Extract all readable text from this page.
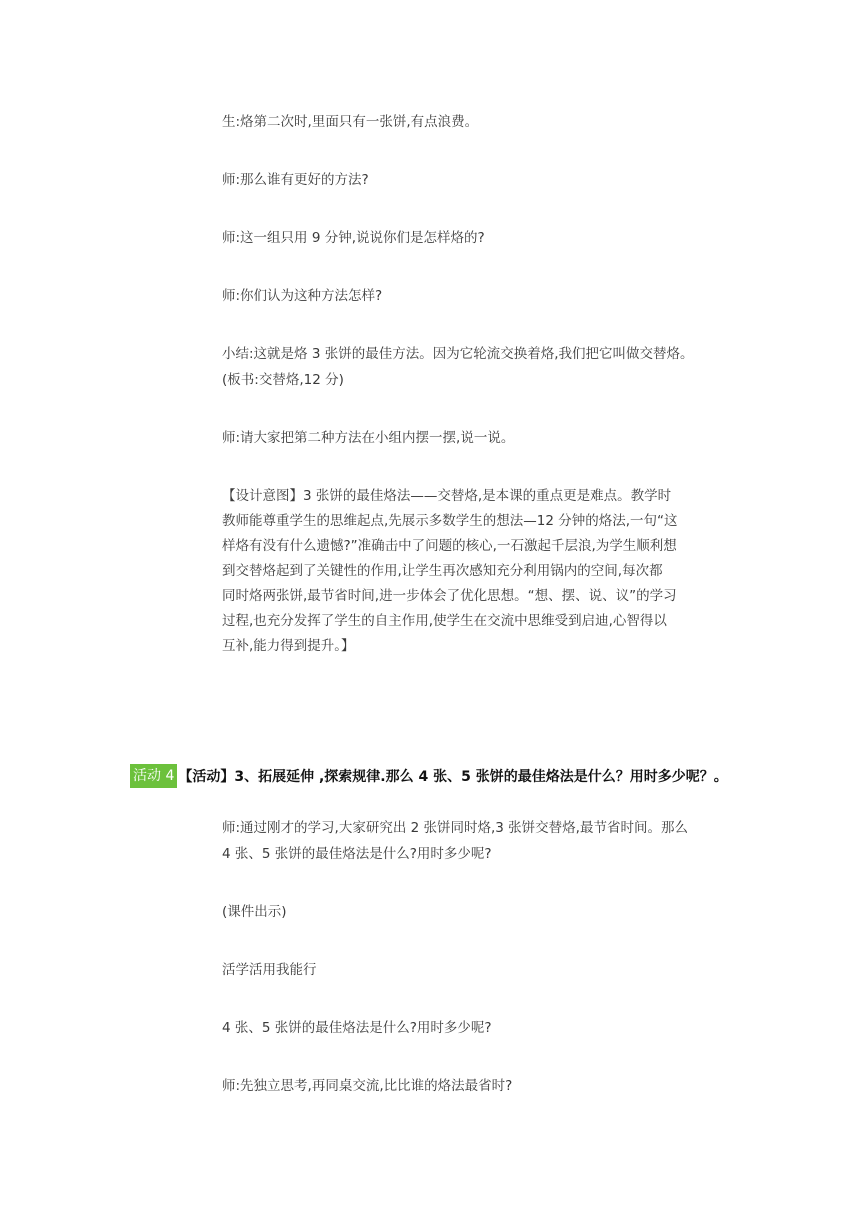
生:烙第二次时,里面只有一张饼,有点浪费。
师:那么谁有更好的方法?
师:这一组只用 9 分钟,说说你们是怎样烙的?
师:你们认为这种方法怎样?
小结:这就是烙 3 张饼的最佳方法。因为它轮流交换着烙,我们把它叫做交替烙。
(板书:交替烙,12 分)
师:请大家把第二种方法在小组内摆一摆,说一说。
【设计意图】3 张饼的最佳烙法——交替烙,是本课的重点更是难点。教学时
教师能尊重学生的思维起点,先展示多数学生的想法—12 分钟的烙法,一句“这
样烙有没有什么遗憾?”准确击中了问题的核心,一石激起千层浪,为学生顺利想
到交替烙起到了关键性的作用,让学生再次感知充分利用锅内的空间,每次都
同时烙两张饼,最节省时间,进一步体会了优化思想。“想、摆、说、议”的学习
过程,也充分发挥了学生的自主作用,使学生在交流中思维受到启迪,心智得以
互补,能力得到提升。】
活动 4 【活动】 3、拓展延伸 ,探索规律.那么 4 张、5 张饼的最佳烙法是什么？用时多少呢？。
师:通过刚才的学习,大家研究出 2 张饼同时烙,3 张饼交替烙,最节省时间。那么
4 张、5 张饼的最佳烙法是什么?用时多少呢?
(课件出示)
活学活用我能行
4 张、5 张饼的最佳烙法是什么?用时多少呢?
师:先独立思考,再同桌交流,比比谁的烙法最省时?
